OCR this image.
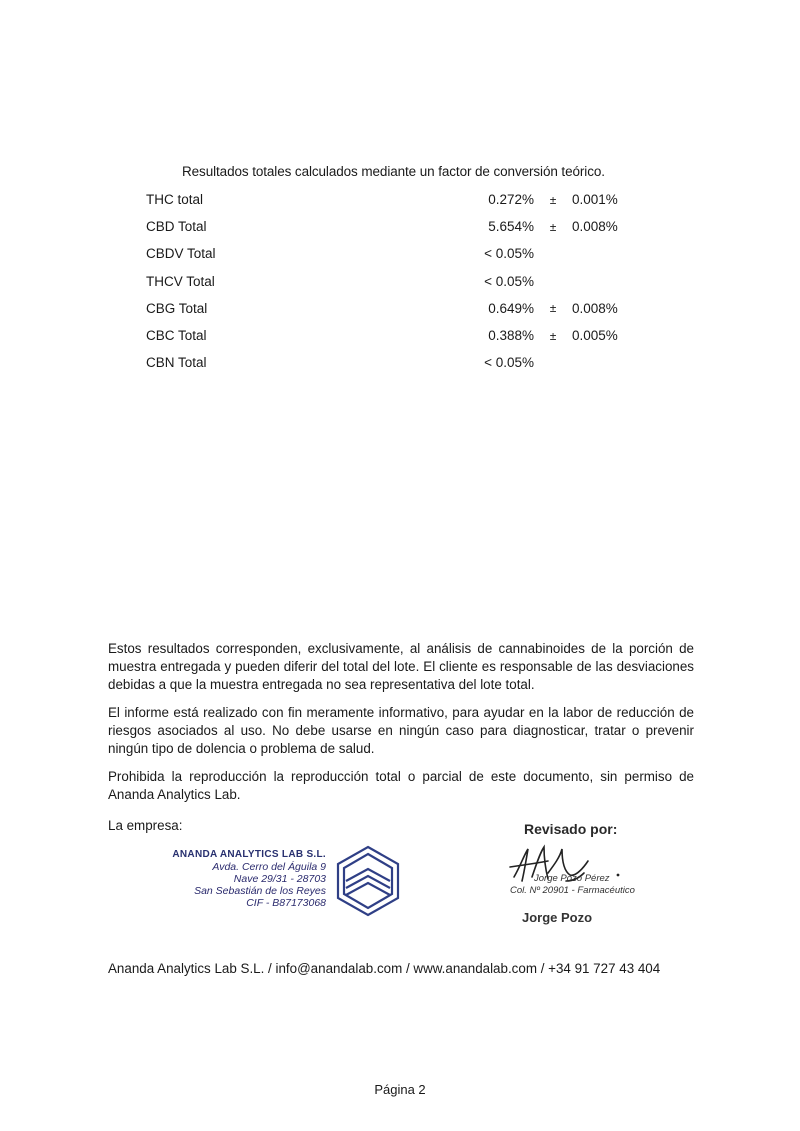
Resultados totales calculados mediante un factor de conversión teórico.
THC total	0.272%	±	0.001%
CBD Total	5.654%	±	0.008%
CBDV Total	< 0.05%		
THCV Total	< 0.05%		
CBG Total	0.649%	±	0.008%
CBC Total	0.388%	±	0.005%
CBN Total	< 0.05%		

Estos resultados corresponden, exclusivamente, al análisis de cannabinoides de la porción de muestra entregada y pueden diferir del total del lote. El cliente es responsable de las desviaciones debidas a que la muestra entregada no sea representativa del lote total.

El informe está realizado con fin meramente informativo, para ayudar en la labor de reducción de riesgos asociados al uso. No debe usarse en ningún caso para diagnosticar, tratar o prevenir ningún tipo de dolencia o problema de salud.

Prohibida la reproducción la reproducción total o parcial de este documento, sin permiso de Ananda Analytics Lab.

La empresa:
ANANDA ANALYTICS LAB S.L.
Avda. Cerro del Águila 9
Nave 29/31 - 28703
San Sebastián de los Reyes
CIF - B87173068
Revisado por:
Jorge Pozo Pérez
Col. Nº 20901 - Farmacéutico
Jorge Pozo
Ananda Analytics Lab S.L. / info@anandalab.com / www.anandalab.com / +34 91 727 43 404
Página 2
